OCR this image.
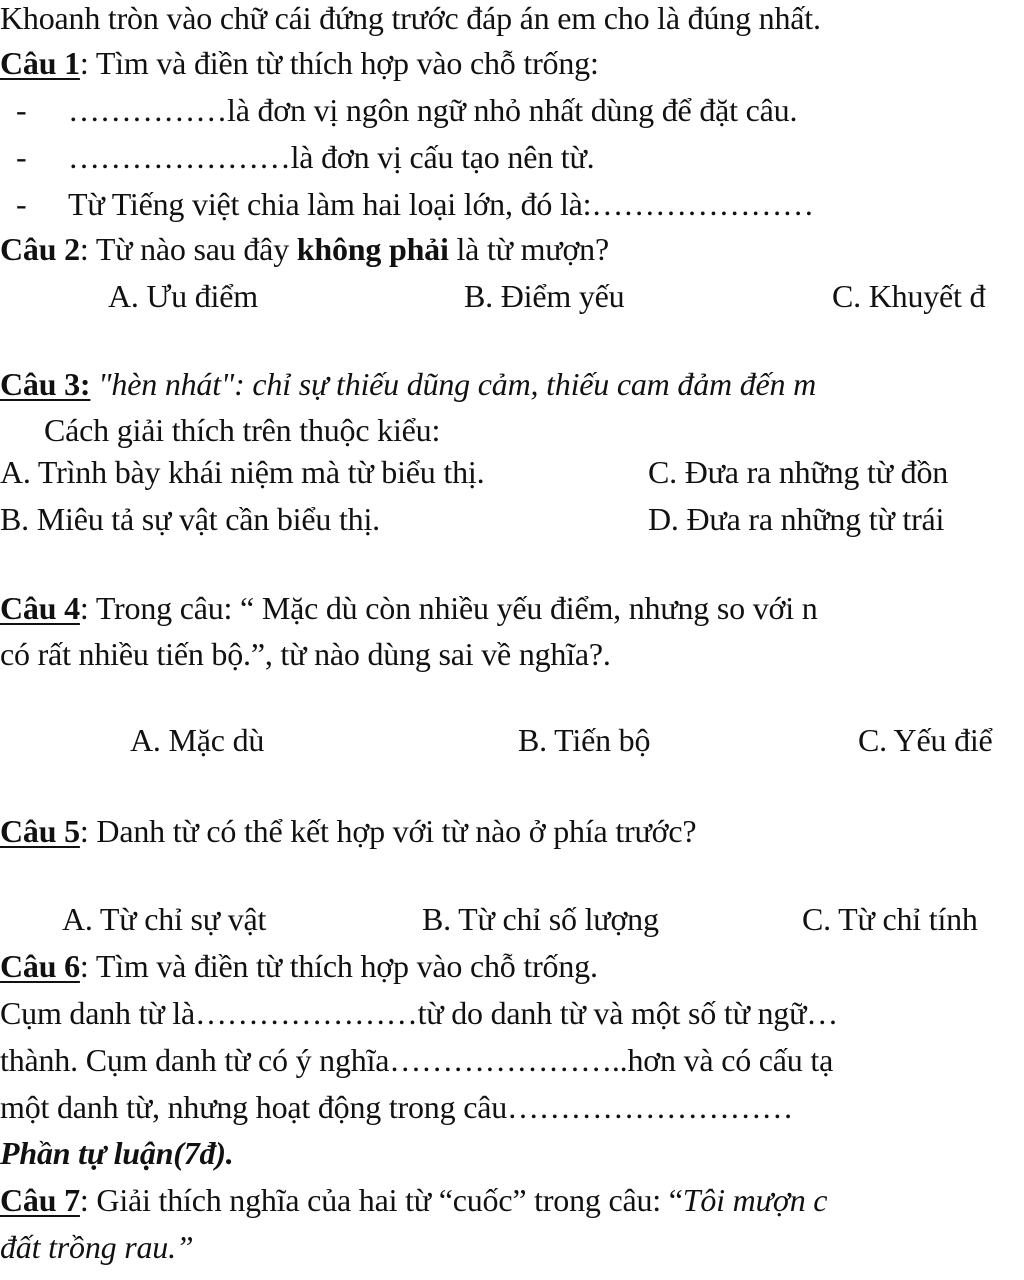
Khoanh tròn vào chữ cái đứng trước đáp án em cho là đúng nhất.
Câu 1: Tìm và điền từ thích hợp vào chỗ trống:
- ……………là đơn vị ngôn ngữ nhỏ nhất dùng để đặt câu.
- …………………là đơn vị cấu tạo nên từ.
- Từ Tiếng việt chia làm hai loại lớn, đó là:…………………
Câu 2: Từ nào sau đây không phải là từ mượn?
A. Ưu điểm	B. Điểm yếu	C. Khuyết đ
Câu 3: "hèn nhát": chỉ sự thiếu dũng cảm, thiếu cam đảm đến m
Cách giải thích trên thuộc kiểu:
A. Trình bày khái niệm mà từ biểu thị.	C. Đưa ra những từ đồn
B. Miêu tả sự vật cần biểu thị.	D. Đưa ra những từ trái
Câu 4: Trong câu: “ Mặc dù còn nhiều yếu điểm, nhưng so với n
có rất nhiều tiến bộ.”, từ nào dùng sai về nghĩa?.
A. Mặc dù	B. Tiến bộ	C. Yếu điể
Câu 5: Danh từ có thể kết hợp với từ nào ở phía trước?
A. Từ chỉ sự vật	B. Từ chỉ số lượng	C. Từ chỉ tính
Câu 6: Tìm và điền từ thích hợp vào chỗ trống.
Cụm danh từ là…………………từ do danh từ và một số từ ngữ…
thành. Cụm danh từ có ý nghĩa…………………..hơn và có cấu tạ
một danh từ, nhưng hoạt động trong câu………………………
Phần tự luận(7đ).
Câu 7: Giải thích nghĩa của hai từ “cuốc” trong câu: “Tôi mượn c
đất trồng rau.”
